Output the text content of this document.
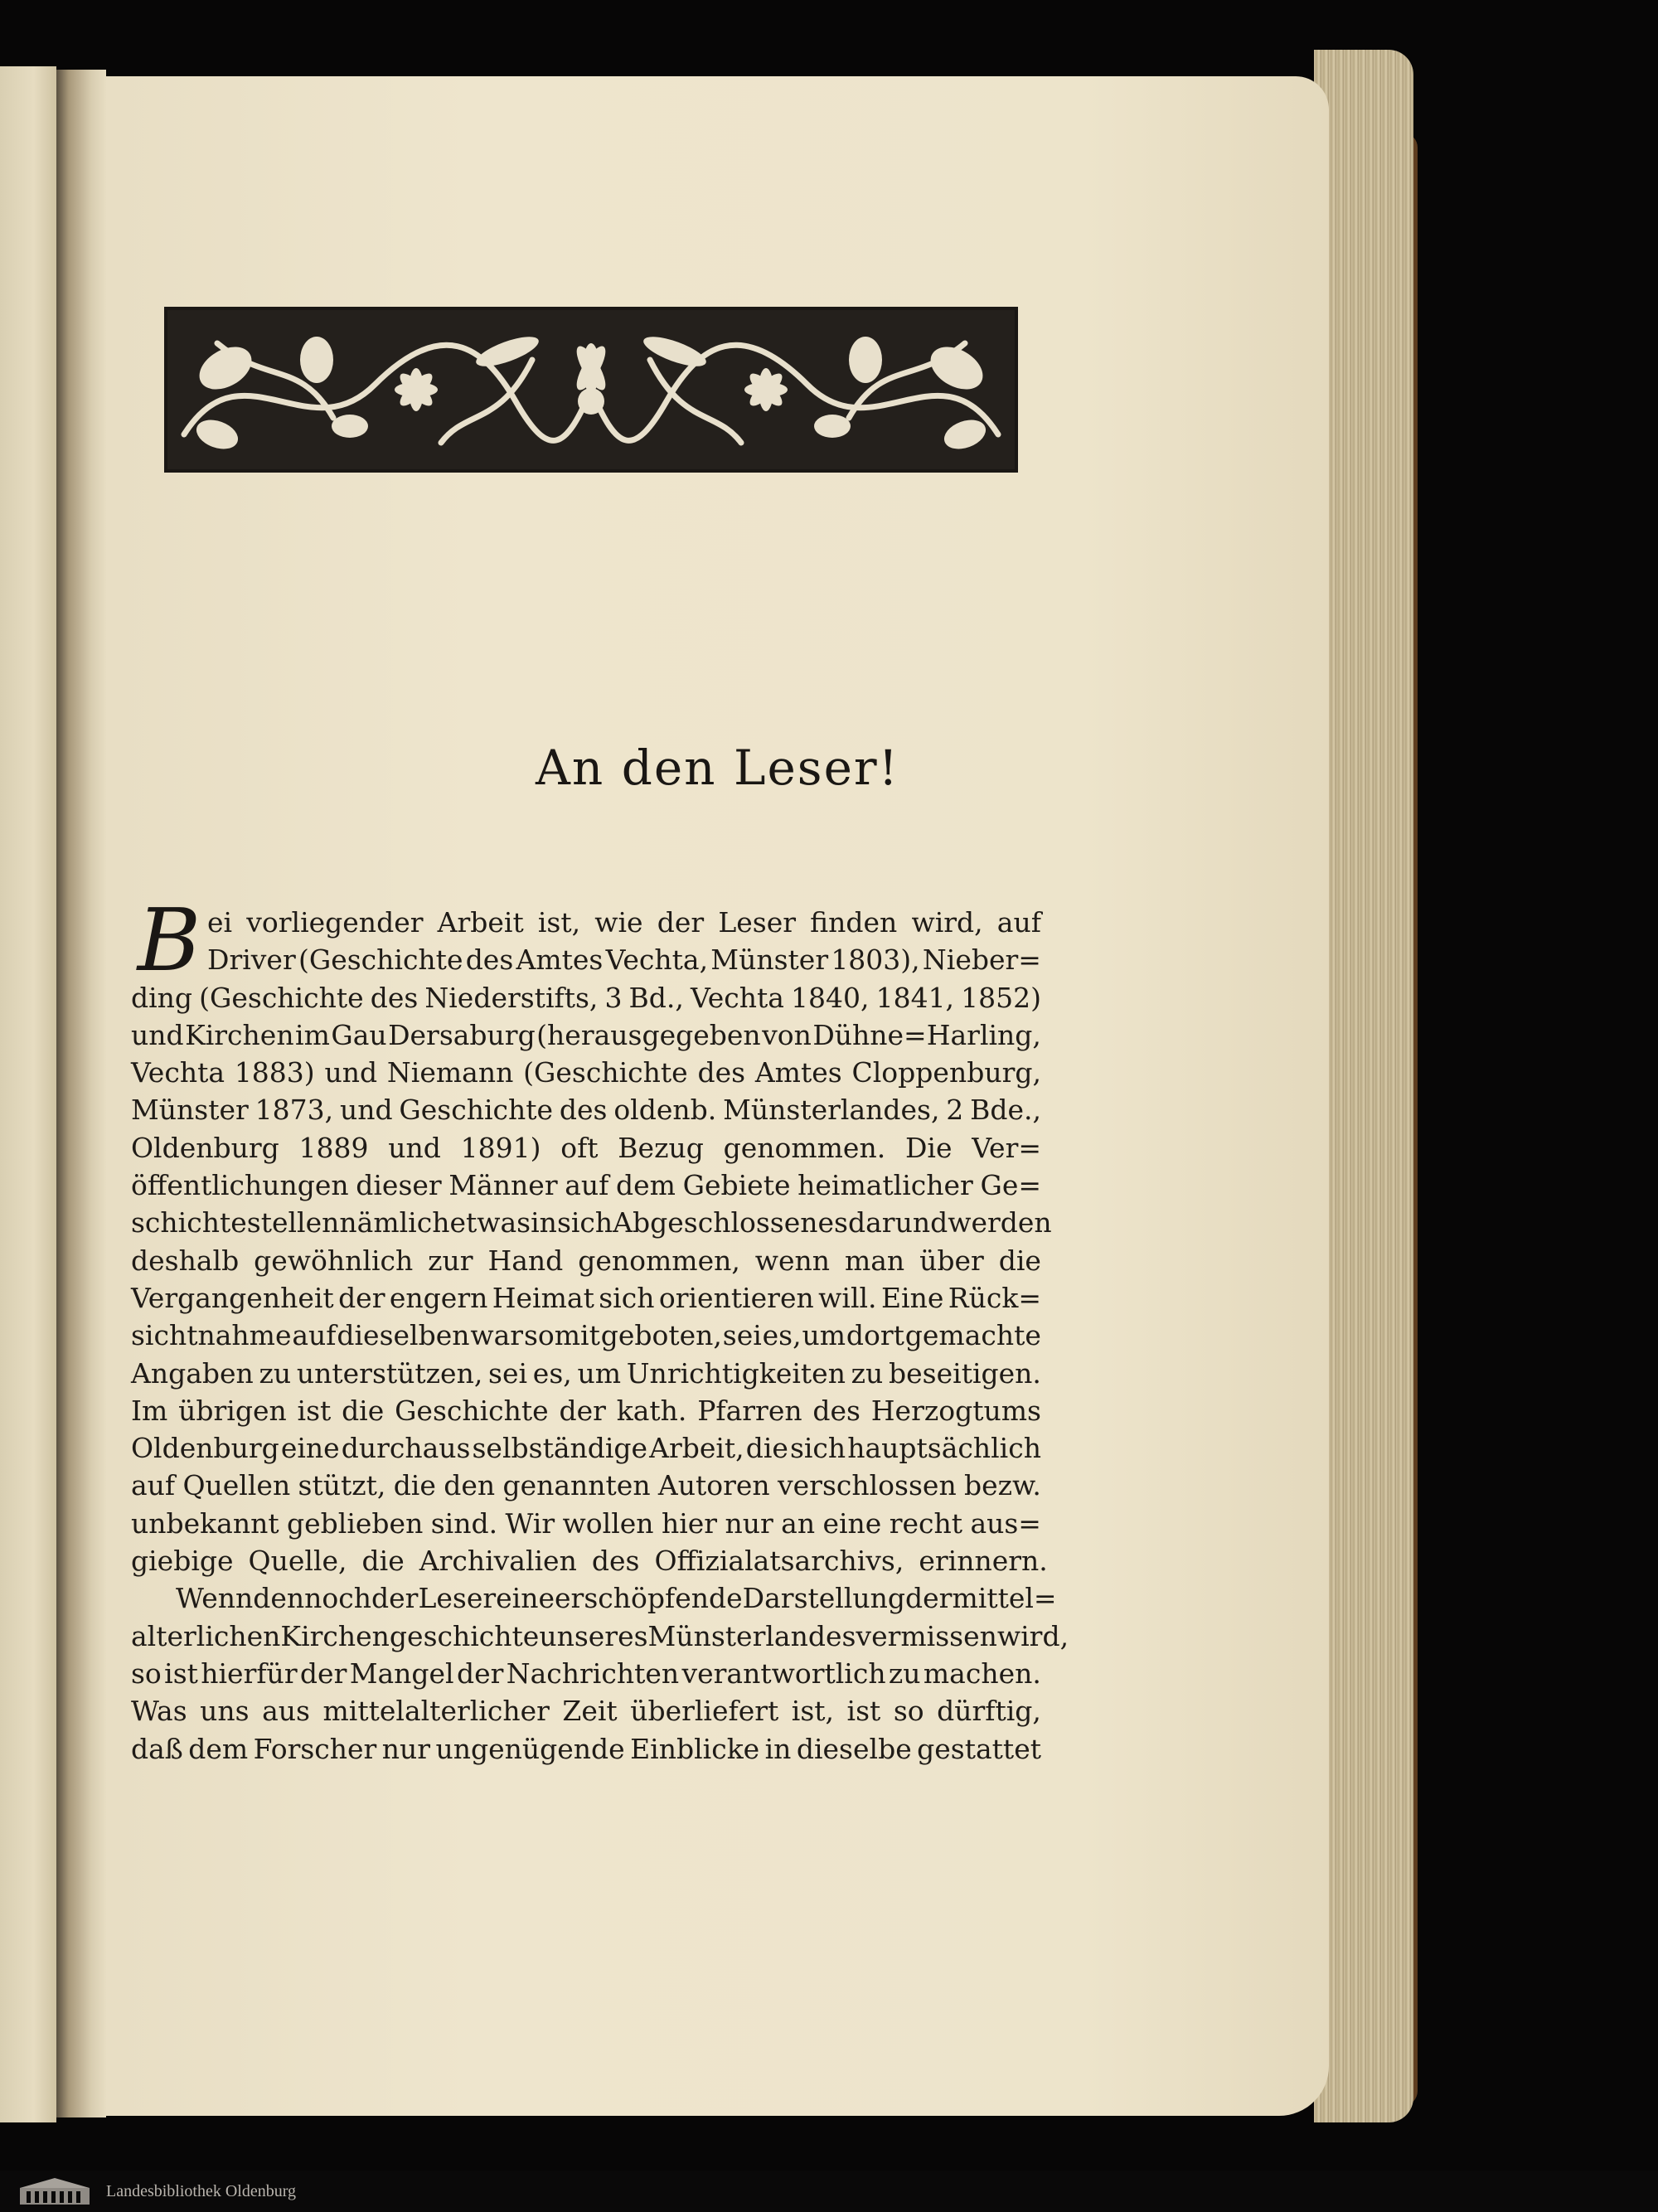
An den Leser!
B ei vorliegender Arbeit ist, wie der Leser finden wird, auf
Driver (Geschichte des Amtes Vechta, Münster 1803), Nieber=
ding (Geschichte des Niederstifts, 3 Bd., Vechta 1840, 1841, 1852)
und Kirchen im Gau Dersaburg (herausgegeben von Dühne=Harling,
Vechta 1883) und Niemann (Geschichte des Amtes Cloppenburg,
Münster 1873, und Geschichte des oldenb. Münsterlandes, 2 Bde.,
Oldenburg 1889 und 1891) oft Bezug genommen. Die Ver=
öffentlichungen dieser Männer auf dem Gebiete heimatlicher Ge=
schichte stellen nämlich etwas in sich Abgeschlossenes dar und werden
deshalb gewöhnlich zur Hand genommen, wenn man über die
Vergangenheit der engern Heimat sich orientieren will. Eine Rück=
sichtnahme auf dieselben war somit geboten, sei es, um dort gemachte
Angaben zu unterstützen, sei es, um Unrichtigkeiten zu beseitigen.
Im übrigen ist die Geschichte der kath. Pfarren des Herzogtums
Oldenburg eine durchaus selbständige Arbeit, die sich hauptsächlich
auf Quellen stützt, die den genannten Autoren verschlossen bezw.
unbekannt geblieben sind. Wir wollen hier nur an eine recht aus=
giebige Quelle, die Archivalien des Offizialatsarchivs, erinnern.
Wenn dennoch der Leser eine erschöpfende Darstellung der mittel=
alterlichen Kirchengeschichte unseres Münsterlandes vermissen wird,
so ist hierfür der Mangel der Nachrichten verantwortlich zu machen.
Was uns aus mittelalterlicher Zeit überliefert ist, ist so dürftig,
daß dem Forscher nur ungenügende Einblicke in dieselbe gestattet
Landesbibliothek Oldenburg
